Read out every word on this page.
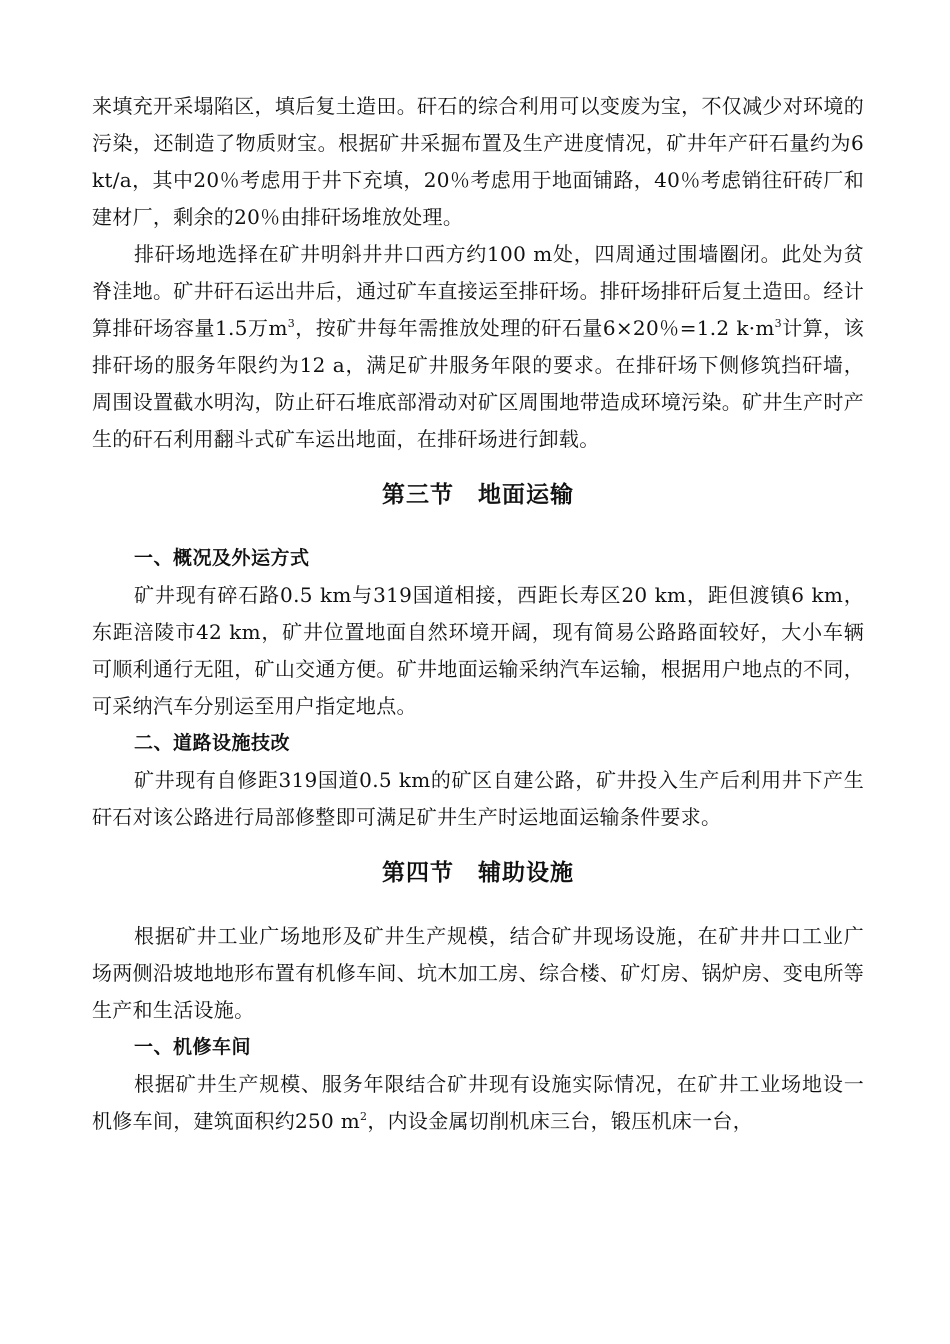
来填充开采塌陷区，填后复土造田。矸石的综合利用可以变废为宝，不仅减少对环境的污染，还制造了物质财宝。根据矿井采掘布置及生产进度情况，矿井年产矸石量约为6 kt/a，其中20％考虑用于井下充填，20％考虑用于地面铺路，40％考虑销往矸砖厂和建材厂，剩余的20％由排矸场堆放处理。

排矸场地选择在矿井明斜井井口西方约100 m处，四周通过围墙圈闭。此处为贫脊洼地。矿井矸石运出井后，通过矿车直接运至排矸场。排矸场排矸后复土造田。经计算排矸场容量1.5万$m^3$，按矿井每年需推放处理的矸石量6×20％=1.2 $k\cdot m^3$计算，该排矸场的服务年限约为12 a，满足矿井服务年限的要求。在排矸场下侧修筑挡矸墙，周围设置截水明沟，防止矸石堆底部滑动对矿区周围地带造成环境污染。矿井生产时产生的矸石利用翻斗式矿车运出地面，在排矸场进行卸载。

第三节　地面运输

一、概况及外运方式

矿井现有碎石路0.5 km与319国道相接，西距长寿区20 km，距但渡镇6 km，东距涪陵市42 km，矿井位置地面自然环境开阔，现有简易公路路面较好，大小车辆可顺利通行无阻，矿山交通方便。矿井地面运输采纳汽车运输，根据用户地点的不同，可采纳汽车分别运至用户指定地点。

二、道路设施技改

矿井现有自修距319国道0.5 km的矿区自建公路，矿井投入生产后利用井下产生矸石对该公路进行局部修整即可满足矿井生产时运地面运输条件要求。

第四节　辅助设施

根据矿井工业广场地形及矿井生产规模，结合矿井现场设施，在矿井井口工业广场两侧沿坡地地形布置有机修车间、坑木加工房、综合楼、矿灯房、锅炉房、变电所等生产和生活设施。

一、机修车间

根据矿井生产规模、服务年限结合矿井现有设施实际情况，在矿井工业场地设一机修车间，建筑面积约250 $m^2$，内设金属切削机床三台，锻压机床一台，
